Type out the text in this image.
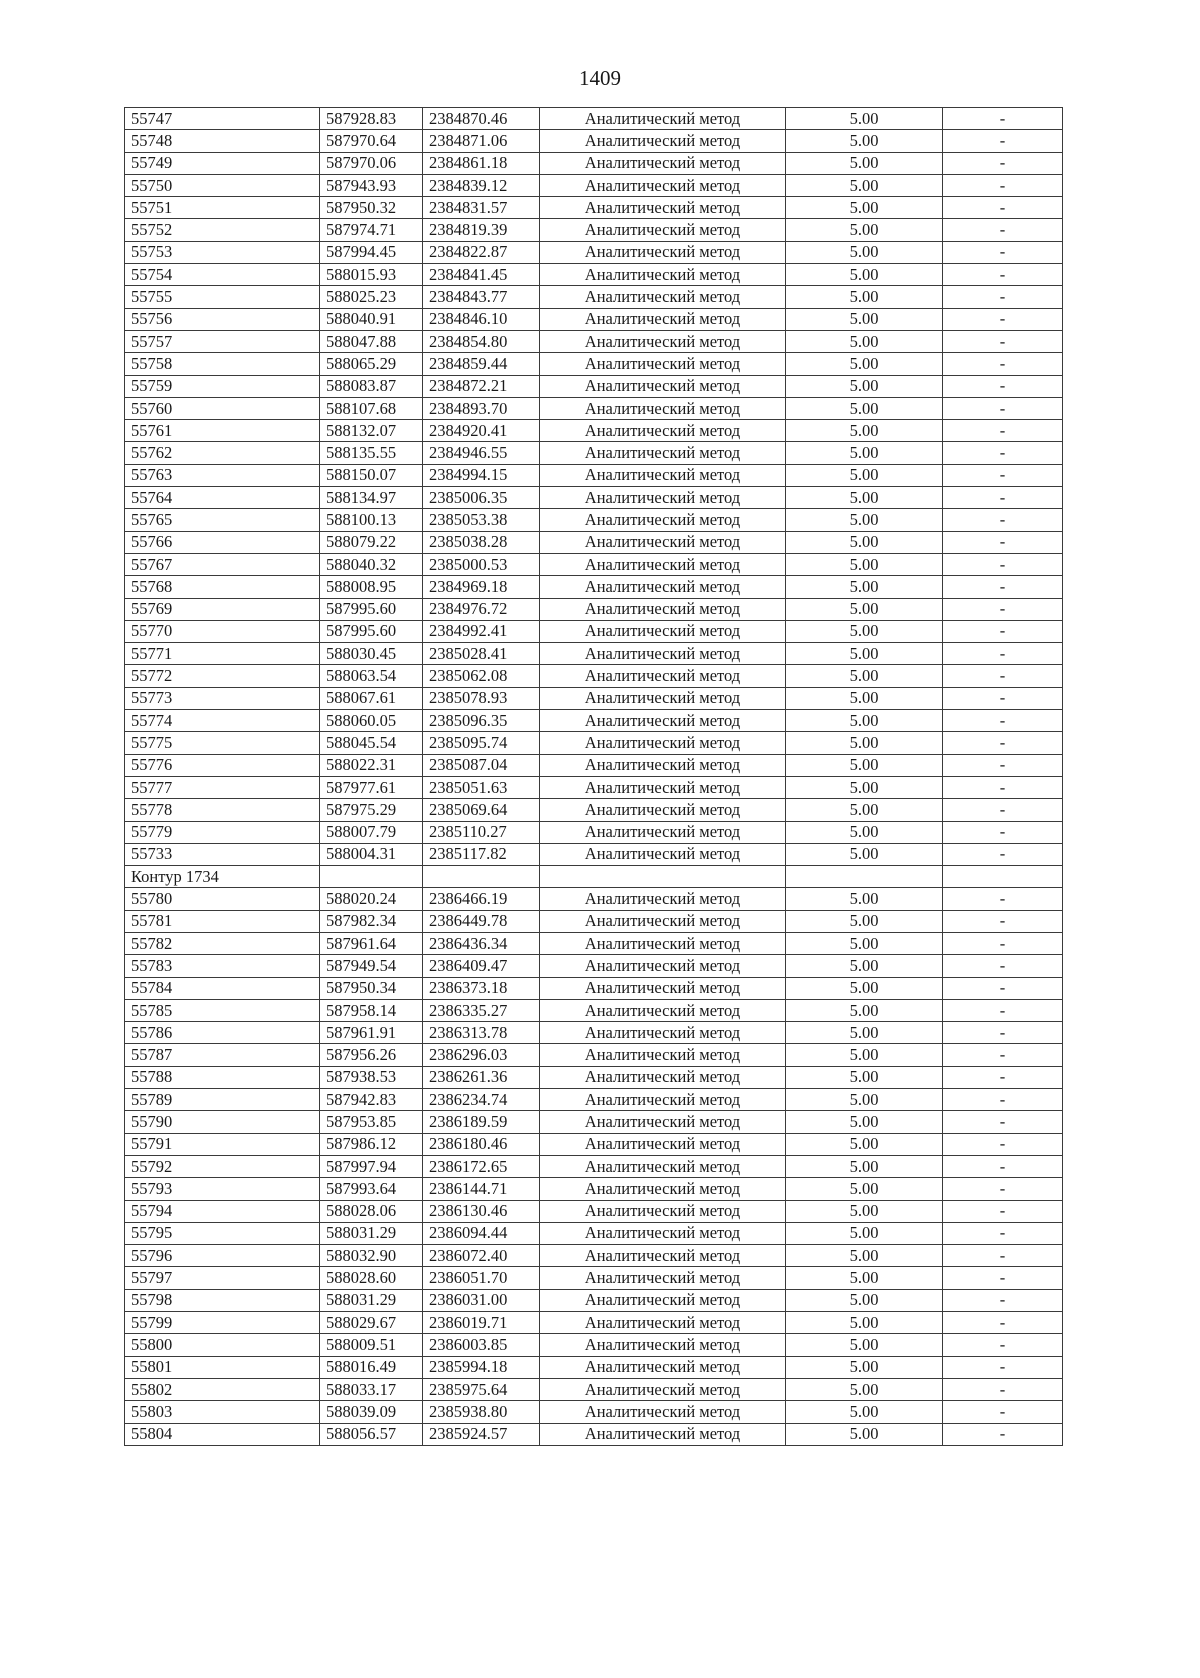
1409
55747	587928.83	2384870.46	Аналитический метод	5.00	-
55748	587970.64	2384871.06	Аналитический метод	5.00	-
55749	587970.06	2384861.18	Аналитический метод	5.00	-
55750	587943.93	2384839.12	Аналитический метод	5.00	-
55751	587950.32	2384831.57	Аналитический метод	5.00	-
55752	587974.71	2384819.39	Аналитический метод	5.00	-
55753	587994.45	2384822.87	Аналитический метод	5.00	-
55754	588015.93	2384841.45	Аналитический метод	5.00	-
55755	588025.23	2384843.77	Аналитический метод	5.00	-
55756	588040.91	2384846.10	Аналитический метод	5.00	-
55757	588047.88	2384854.80	Аналитический метод	5.00	-
55758	588065.29	2384859.44	Аналитический метод	5.00	-
55759	588083.87	2384872.21	Аналитический метод	5.00	-
55760	588107.68	2384893.70	Аналитический метод	5.00	-
55761	588132.07	2384920.41	Аналитический метод	5.00	-
55762	588135.55	2384946.55	Аналитический метод	5.00	-
55763	588150.07	2384994.15	Аналитический метод	5.00	-
55764	588134.97	2385006.35	Аналитический метод	5.00	-
55765	588100.13	2385053.38	Аналитический метод	5.00	-
55766	588079.22	2385038.28	Аналитический метод	5.00	-
55767	588040.32	2385000.53	Аналитический метод	5.00	-
55768	588008.95	2384969.18	Аналитический метод	5.00	-
55769	587995.60	2384976.72	Аналитический метод	5.00	-
55770	587995.60	2384992.41	Аналитический метод	5.00	-
55771	588030.45	2385028.41	Аналитический метод	5.00	-
55772	588063.54	2385062.08	Аналитический метод	5.00	-
55773	588067.61	2385078.93	Аналитический метод	5.00	-
55774	588060.05	2385096.35	Аналитический метод	5.00	-
55775	588045.54	2385095.74	Аналитический метод	5.00	-
55776	588022.31	2385087.04	Аналитический метод	5.00	-
55777	587977.61	2385051.63	Аналитический метод	5.00	-
55778	587975.29	2385069.64	Аналитический метод	5.00	-
55779	588007.79	2385110.27	Аналитический метод	5.00	-
55733	588004.31	2385117.82	Аналитический метод	5.00	-
Контур 1734					
55780	588020.24	2386466.19	Аналитический метод	5.00	-
55781	587982.34	2386449.78	Аналитический метод	5.00	-
55782	587961.64	2386436.34	Аналитический метод	5.00	-
55783	587949.54	2386409.47	Аналитический метод	5.00	-
55784	587950.34	2386373.18	Аналитический метод	5.00	-
55785	587958.14	2386335.27	Аналитический метод	5.00	-
55786	587961.91	2386313.78	Аналитический метод	5.00	-
55787	587956.26	2386296.03	Аналитический метод	5.00	-
55788	587938.53	2386261.36	Аналитический метод	5.00	-
55789	587942.83	2386234.74	Аналитический метод	5.00	-
55790	587953.85	2386189.59	Аналитический метод	5.00	-
55791	587986.12	2386180.46	Аналитический метод	5.00	-
55792	587997.94	2386172.65	Аналитический метод	5.00	-
55793	587993.64	2386144.71	Аналитический метод	5.00	-
55794	588028.06	2386130.46	Аналитический метод	5.00	-
55795	588031.29	2386094.44	Аналитический метод	5.00	-
55796	588032.90	2386072.40	Аналитический метод	5.00	-
55797	588028.60	2386051.70	Аналитический метод	5.00	-
55798	588031.29	2386031.00	Аналитический метод	5.00	-
55799	588029.67	2386019.71	Аналитический метод	5.00	-
55800	588009.51	2386003.85	Аналитический метод	5.00	-
55801	588016.49	2385994.18	Аналитический метод	5.00	-
55802	588033.17	2385975.64	Аналитический метод	5.00	-
55803	588039.09	2385938.80	Аналитический метод	5.00	-
55804	588056.57	2385924.57	Аналитический метод	5.00	-
